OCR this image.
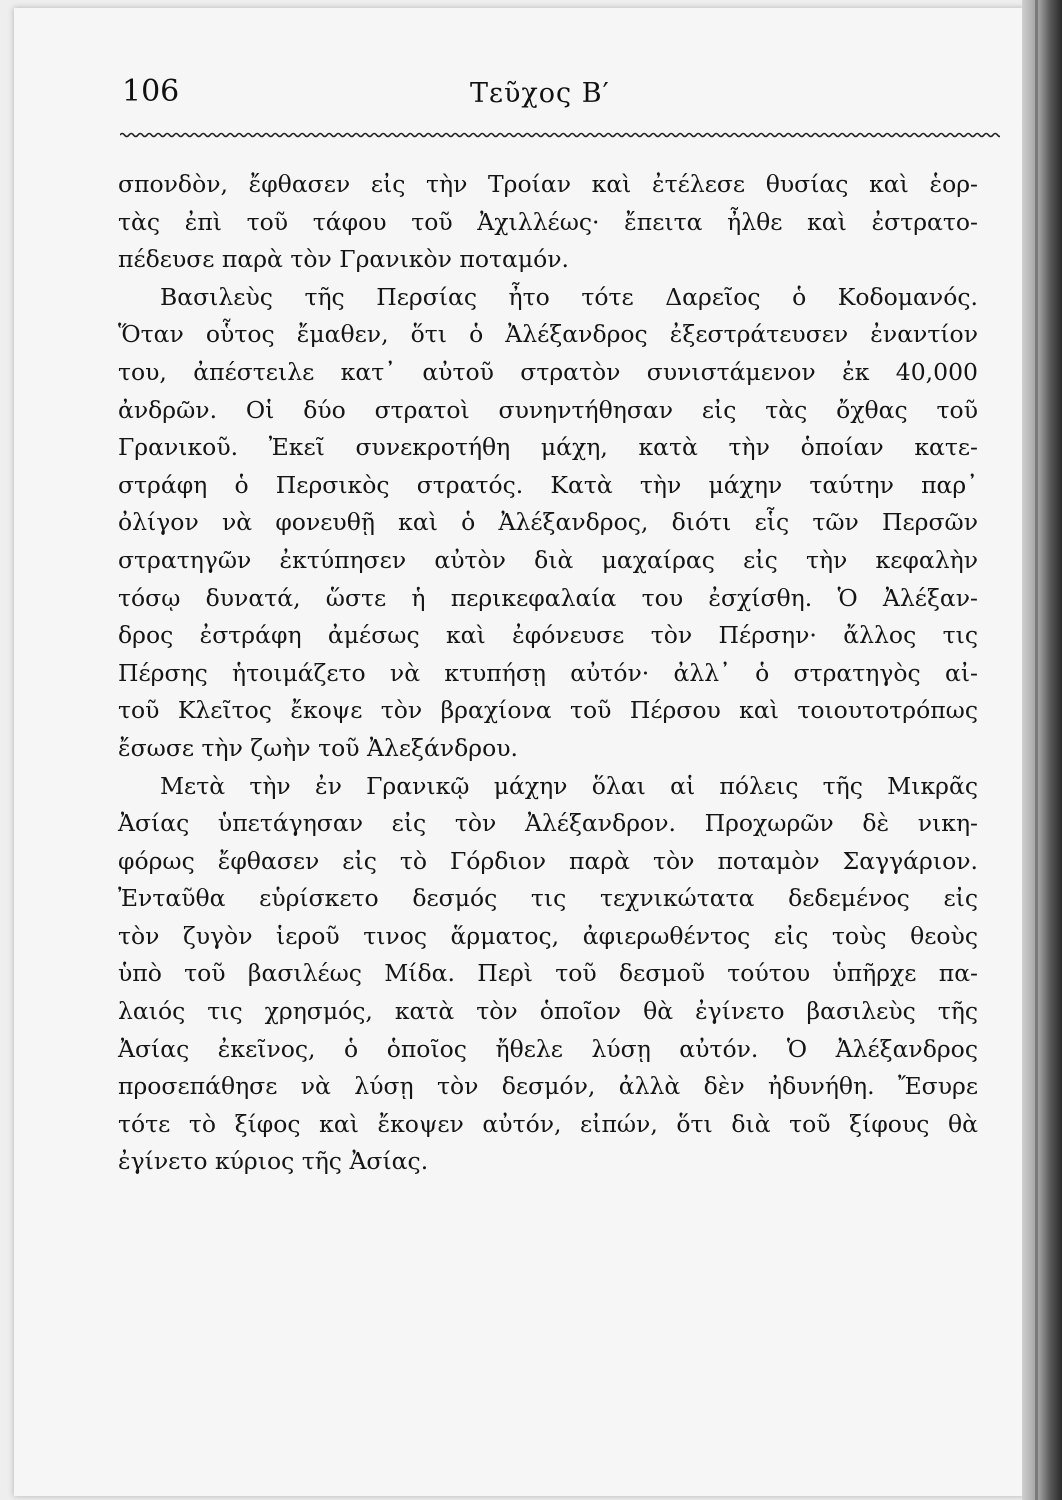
106	Τεῦχος Β′
σπονδὸν, ἔφθασεν εἰς τὴν Τροίαν καὶ ἐτέλεσε θυσίας καὶ ἑορ-
τὰς ἐπὶ τοῦ τάφου τοῦ Ἀχιλλέως· ἔπειτα ἦλθε καὶ ἐστρατο-
πέδευσε παρὰ τὸν Γρανικὸν ποταμόν.
Βασιλεὺς τῆς Περσίας ἦτο τότε Δαρεῖος ὁ Κοδομανός.
Ὅταν οὗτος ἔμαθεν, ὅτι ὁ Ἀλέξανδρος ἐξεστράτευσεν ἐναντίον
του, ἀπέστειλε κατ᾽ αὐτοῦ στρατὸν συνιστάμενον ἐκ 40,000
ἀνδρῶν. Οἱ δύο στρατοὶ συνηντήθησαν εἰς τὰς ὄχθας τοῦ
Γρανικοῦ. Ἐκεῖ συνεκροτήθη μάχη, κατὰ τὴν ὁποίαν κατε-
στράφη ὁ Περσικὸς στρατός. Κατὰ τὴν μάχην ταύτην παρ᾽
ὀλίγον νὰ φονευθῇ καὶ ὁ Ἀλέξανδρος, διότι εἷς τῶν Περσῶν
στρατηγῶν ἐκτύπησεν αὐτὸν διὰ μαχαίρας εἰς τὴν κεφαλὴν
τόσῳ δυνατά, ὥστε ἡ περικεφαλαία του ἐσχίσθη. Ὁ Ἀλέξαν-
δρος ἐστράφη ἀμέσως καὶ ἐφόνευσε τὸν Πέρσην· ἄλλος τις
Πέρσης ἡτοιμάζετο νὰ κτυπήσῃ αὐτόν· ἀλλ᾽ ὁ στρατηγὸς αἰ-
τοῦ Κλεῖτος ἔκοψε τὸν βραχίονα τοῦ Πέρσου καὶ τοιουτοτρόπως
ἔσωσε τὴν ζωὴν τοῦ Ἀλεξάνδρου.
Μετὰ τὴν ἐν Γρανικῷ μάχην ὅλαι αἱ πόλεις τῆς Μικρᾶς
Ἀσίας ὑπετάγησαν εἰς τὸν Ἀλέξανδρον. Προχωρῶν δὲ νικη-
φόρως ἔφθασεν εἰς τὸ Γόρδιον παρὰ τὸν ποταμὸν Σαγγάριον.
Ἐνταῦθα εὑρίσκετο δεσμός τις τεχνικώτατα δεδεμένος εἰς
τὸν ζυγὸν ἱεροῦ τινος ἅρματος, ἀφιερωθέντος εἰς τοὺς θεοὺς
ὑπὸ τοῦ βασιλέως Μίδα. Περὶ τοῦ δεσμοῦ τούτου ὑπῆρχε πα-
λαιός τις χρησμός, κατὰ τὸν ὁποῖον θὰ ἐγίνετο βασιλεὺς τῆς
Ἀσίας ἐκεῖνος, ὁ ὁποῖος ἤθελε λύσῃ αὐτόν. Ὁ Ἀλέξανδρος
προσεπάθησε νὰ λύσῃ τὸν δεσμόν, ἀλλὰ δὲν ἠδυνήθη. Ἔσυρε
τότε τὸ ξίφος καὶ ἔκοψεν αὐτόν, εἰπών, ὅτι διὰ τοῦ ξίφους θὰ
ἐγίνετο κύριος τῆς Ἀσίας.
